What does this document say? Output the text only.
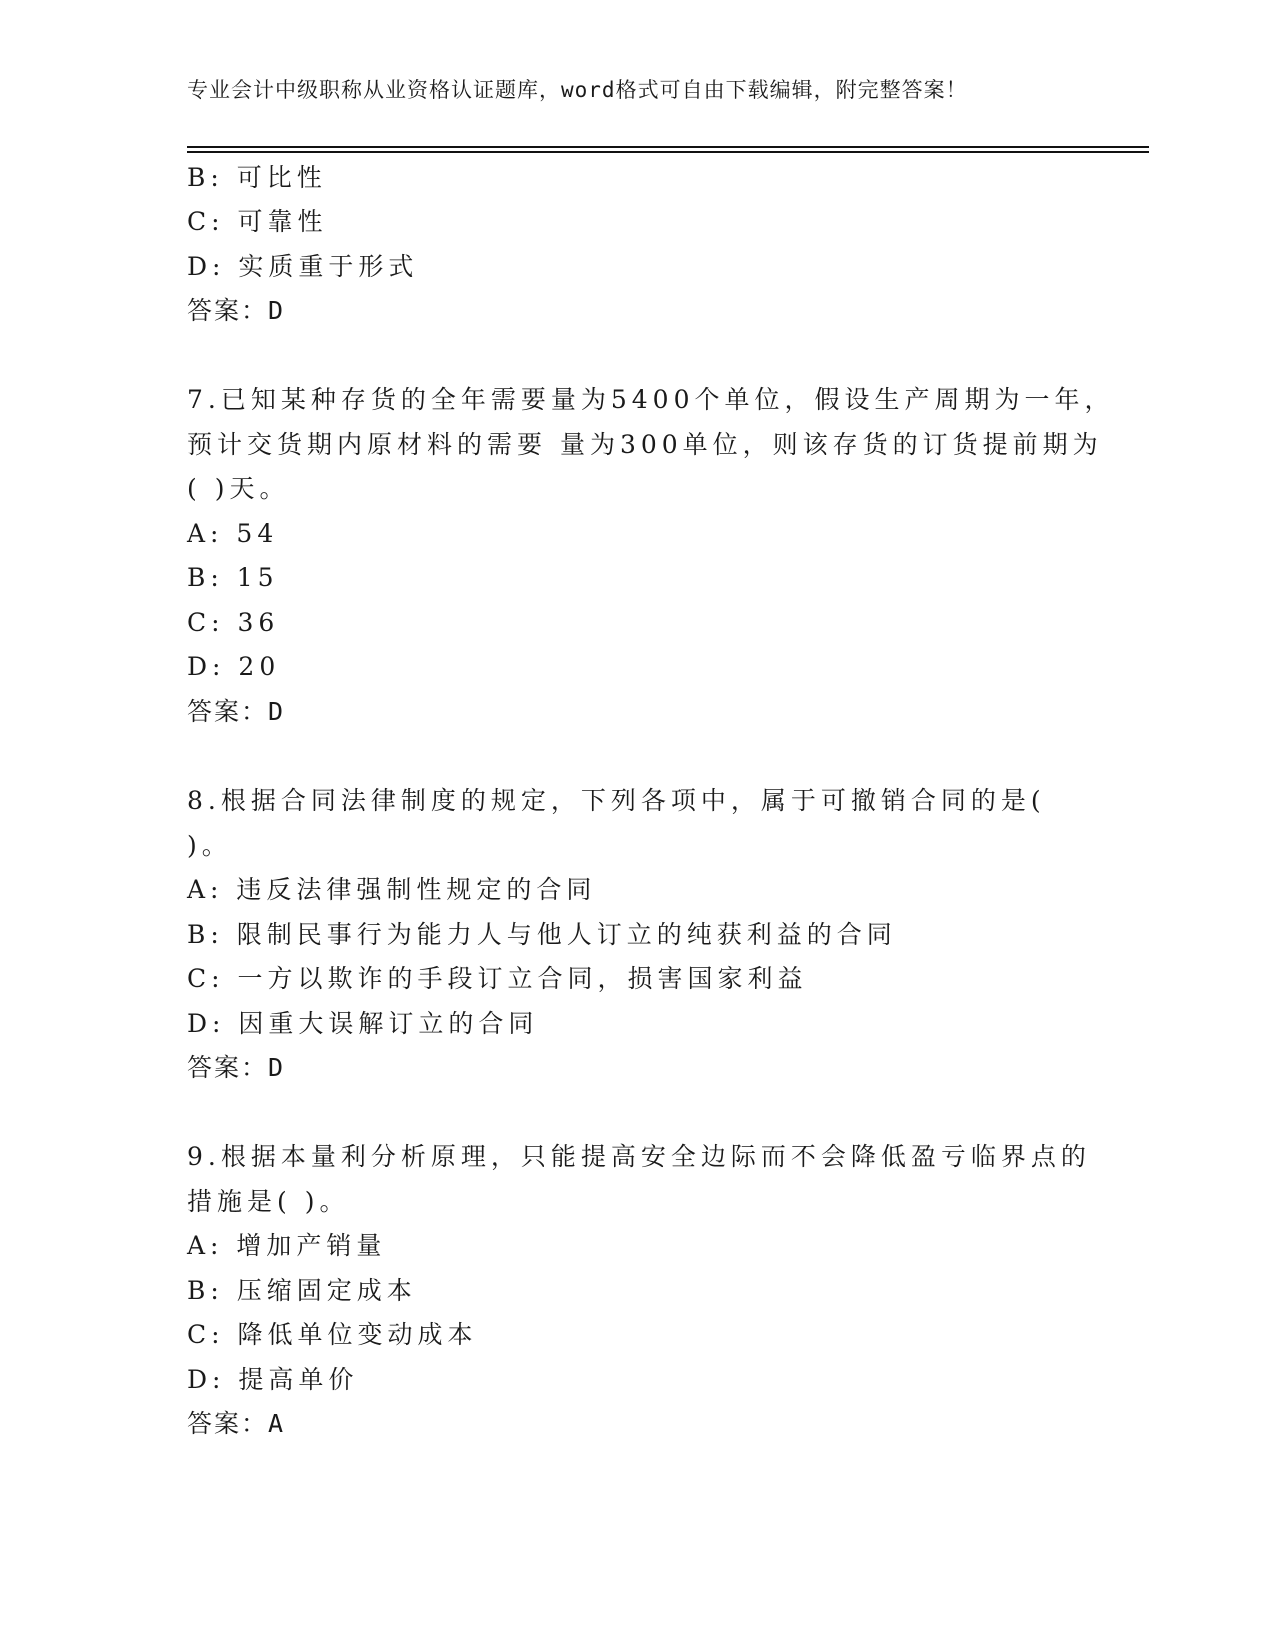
专业会计中级职称从业资格认证题库，word格式可自由下载编辑，附完整答案！
B: 可比性
C: 可靠性
D: 实质重于形式
答案：D
7.已知某种存货的全年需要量为5400个单位，假设生产周期为一年，
预计交货期内原材料的需要 量为300单位，则该存货的订货提前期为
( )天。
A: 54
B: 15
C: 36
D: 20
答案：D
8.根据合同法律制度的规定，下列各项中，属于可撤销合同的是(
)。
A: 违反法律强制性规定的合同
B: 限制民事行为能力人与他人订立的纯获利益的合同
C: 一方以欺诈的手段订立合同，损害国家利益
D: 因重大误解订立的合同
答案：D
9.根据本量利分析原理，只能提高安全边际而不会降低盈亏临界点的
措施是( )。
A: 增加产销量
B: 压缩固定成本
C: 降低单位变动成本
D: 提高单价
答案：A
